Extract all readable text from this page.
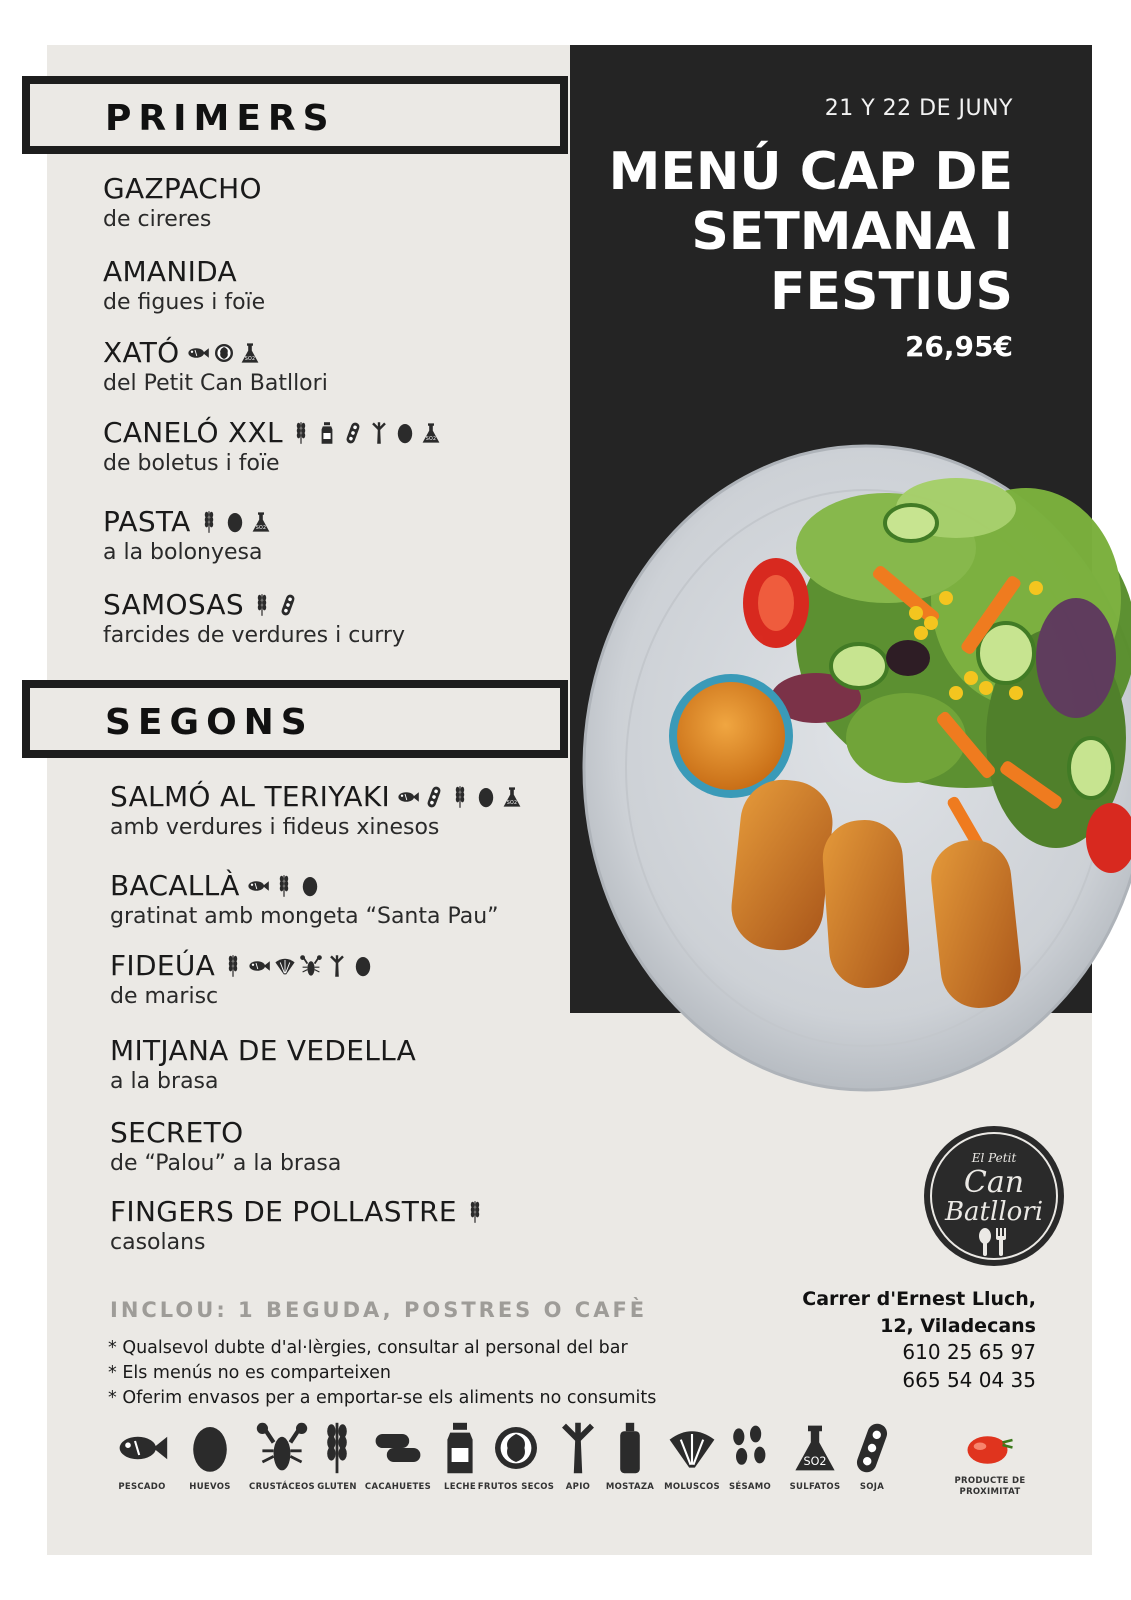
PRIMERS
GAZPACHO
de cireres
AMANIDA
de figues i foïe
XATÓ	SO2
del Petit Can Batllori
CANELÓ XXL	SO2
de boletus i foïe
PASTA	SO2
a la bolonyesa
SAMOSAS
farcides de verdures i curry
SEGONS
SALMÓ AL TERIYAKI	SO2
amb verdures i fideus xinesos
BACALLÀ
gratinat amb mongeta “Santa Pau”
FIDEÚA
de marisc
MITJANA DE VEDELLA
a la brasa
SECRETO
de “Palou” a la brasa
FINGERS DE POLLASTRE
casolans
21 Y 22 DE JUNY
MENÚ CAP DE
SETMANA I
FESTIUS
26,95€
INCLOU: 1 BEGUDA, POSTRES O CAFÈ
* Qualsevol dubte d'al·lèrgies, consultar al personal del bar
* Els menús no es comparteixen
* Oferim envasos per a emportar-se els aliments no consumits
El Petit
Can
Batllori
Carrer d'Ernest Lluch,
12, Viladecans
610 25 65 97
665 54 04 35
PESCADO	HUEVOS	CRUSTÁCEOS GLUTEN CACAHUETES	LECHE FRUTOS SECOS	APIO	MOSTAZA	MOLUSCOS	SÉSAMO
SO2
SULFATOS	SOJA
PRODUCTE DE PROXIMITAT
